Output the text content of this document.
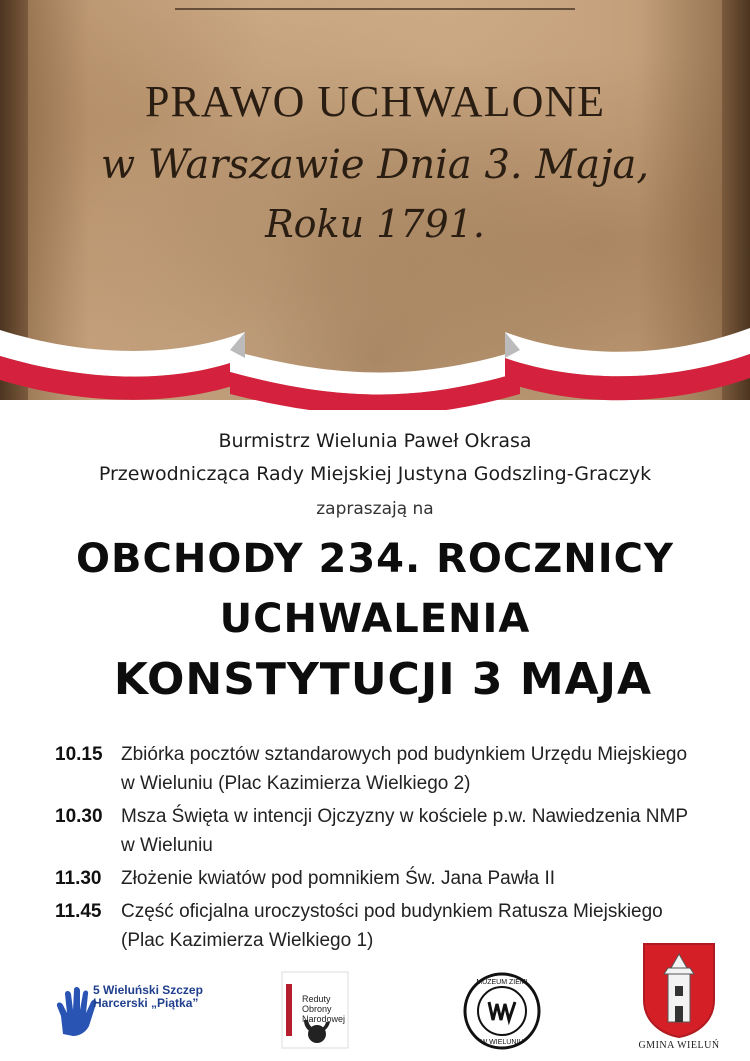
PRAWO UCHWALONE
w Warszawie Dnia 3. Maja,
Roku 1791.
Burmistrz Wielunia Paweł Okrasa
Przewodnicząca Rady Miejskiej Justyna Godszling-Graczyk
zapraszają na
OBCHODY 234. ROCZNICY
UCHWALENIA
KONSTYTUCJI 3 MAJA
10.15 Zbiórka pocztów sztandarowych pod budynkiem Urzędu Miejskiego w Wieluniu (Plac Kazimierza Wielkiego 2)
10.30 Msza Święta w intencji Ojczyzny w kościele p.w. Nawiedzenia NMP w Wieluniu
11.30	Złożenie kwiatów pod pomnikiem Św. Jana Pawła II
11.45	Część oficjalna uroczystości pod budynkiem Ratusza Miejskiego (Plac Kazimierza Wielkiego 1)
5 Wieluński Szczep Harcerski „Piątka”	Reduty Obrony Narodowej
MUZEUM ZIEMI
W WIELUNIU	GMINA WIELUŃ
